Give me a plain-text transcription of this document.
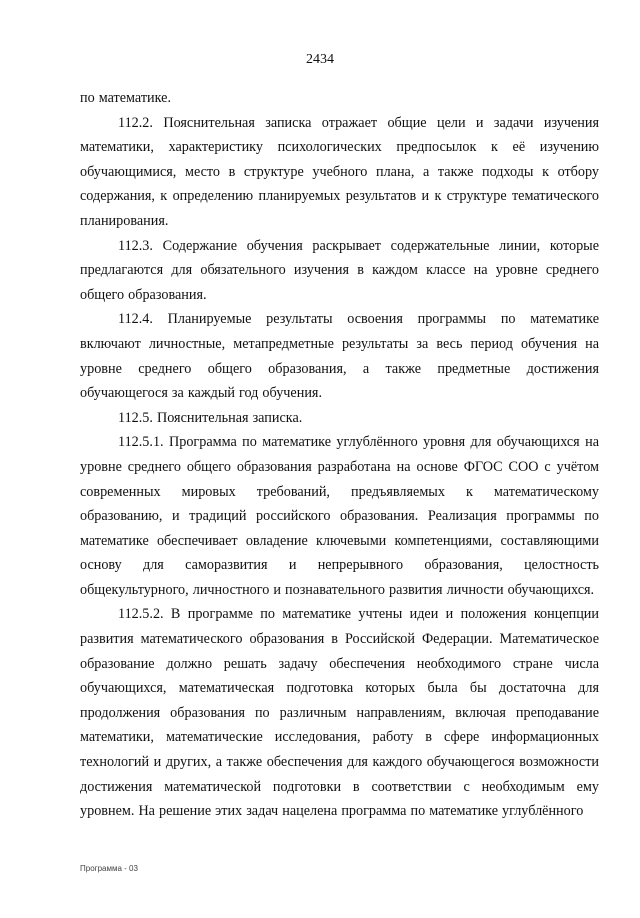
2434

по математике.

112.2. Пояснительная записка отражает общие цели и задачи изучения математики, характеристику психологических предпосылок к её изучению обучающимися, место в структуре учебного плана, а также подходы к отбору содержания, к определению планируемых результатов и к структуре тематического планирования.

112.3. Содержание обучения раскрывает содержательные линии, которые предлагаются для обязательного изучения в каждом классе на уровне среднего общего образования.

112.4. Планируемые результаты освоения программы по математике включают личностные, метапредметные результаты за весь период обучения на уровне среднего общего образования, а также предметные достижения обучающегося за каждый год обучения.

112.5. Пояснительная записка.

112.5.1. Программа по математике углублённого уровня для обучающихся на уровне среднего общего образования разработана на основе ФГОС СОО с учётом современных мировых требований, предъявляемых к математическому образованию, и традиций российского образования. Реализация программы по математике обеспечивает овладение ключевыми компетенциями, составляющими основу для саморазвития и непрерывного образования, целостность общекультурного, личностного и познавательного развития личности обучающихся.

112.5.2. В программе по математике учтены идеи и положения концепции развития математического образования в Российской Федерации. Математическое образование должно решать задачу обеспечения необходимого стране числа обучающихся, математическая подготовка которых была бы достаточна для продолжения образования по различным направлениям, включая преподавание математики, математические исследования, работу в сфере информационных технологий и других, а также обеспечения для каждого обучающегося возможности достижения математической подготовки в соответствии с необходимым ему уровнем. На решение этих задач нацелена программа по математике углублённого

Программа - 03
